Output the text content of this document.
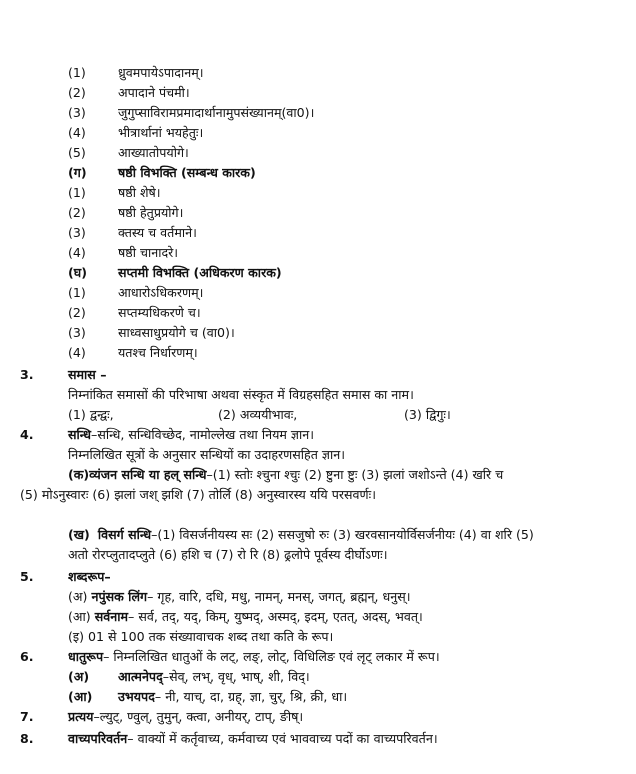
(1)	ध्रुवमपायेऽपादानम्।
(2)	अपादाने पंचमी।
(3)	जुगुप्साविरामप्रमादार्थानामुपसंख्यानम्(वा0)।
(4)	भीत्रार्थानां भयहेतुः।
(5)	आख्यातोपयोगे।
(ग) षष्ठी विभक्ति (सम्बन्ध कारक)
(1)	षष्ठी शेषे।
(2)	षष्ठी हेतुप्रयोगे।
(3)	क्तस्य च वर्तमाने।
(4)	षष्ठी चानादरे।
(घ) सप्तमी विभक्ति (अधिकरण कारक)
(1)	आधारोऽधिकरणम्।
(2)	सप्तम्यधिकरणे च।
(3)	साध्वसाधुप्रयोगे च (वा0)।
(4)	यतश्च निर्धारणम्।
3.	समास –
निम्नांकित समासों की परिभाषा अथवा संस्कृत में विग्रहसहित समास का नाम।
(1) द्वन्द्वः,	(2) अव्ययीभावः,	(3) द्विगुः।
4.	सन्धि–सन्धि, सन्धिविच्छेद, नामोल्लेख तथा नियम ज्ञान।
निम्नलिखित सूत्रों के अनुसार सन्धियों का उदाहरणसहित ज्ञान।
(क)व्यंजन सन्धि या हल् सन्धि–(1) स्तोः श्चुना श्चुः (2) ष्टुना ष्टुः (3) झलां जशोऽन्ते (4) खरि च
(5) मोऽनुस्वारः (6) झलां जश् झशि (7) तोर्लि (8) अनुस्वारस्य ययि परसवर्णः।
(ख) विसर्ग सन्धि–(1) विसर्जनीयस्य सः (2) ससजुषो रुः (3) खरवसानयोर्विसर्जनीयः (4) वा शरि (5)
अतो रोरप्लुतादप्लुते (6) हशि च (7) रो रि (8) ढ्रलोपे पूर्वस्य दीर्घोऽणः।
5.	शब्दरूप–
(अ) नपुंसक लिंग– गृह, वारि, दधि, मधु, नामन्, मनस्, जगत्, ब्रह्मन्, धनुस्।
(आ) सर्वनाम– सर्व, तद्, यद्, किम्, युष्मद्, अस्मद्, इदम्, एतत्, अदस्, भवत्।
(इ) 01 से 100 तक संख्यावाचक शब्द तथा कति के रूप।
6.	धातुरूप– निम्नलिखित धातुओं के लट्, लङ्, लोट्, विधिलिङ एवं लृट् लकार में रूप।
(अ) आत्मनेपद्–सेव्, लभ्, वृध्, भाष्, शी, विद्।
(आ) उभयपद– नी, याच्, दा, ग्रह्, ज्ञा, चुर्, श्रि, क्री, धा।
7.	प्रत्यय–ल्युट्, ण्वुल्, तुमुन्, क्त्वा, अनीयर्, टाप्, ङीष्।
8.	वाच्यपरिवर्तन– वाक्यों में कर्तृवाच्य, कर्मवाच्य एवं भाववाच्य पदों का वाच्यपरिवर्तन।
